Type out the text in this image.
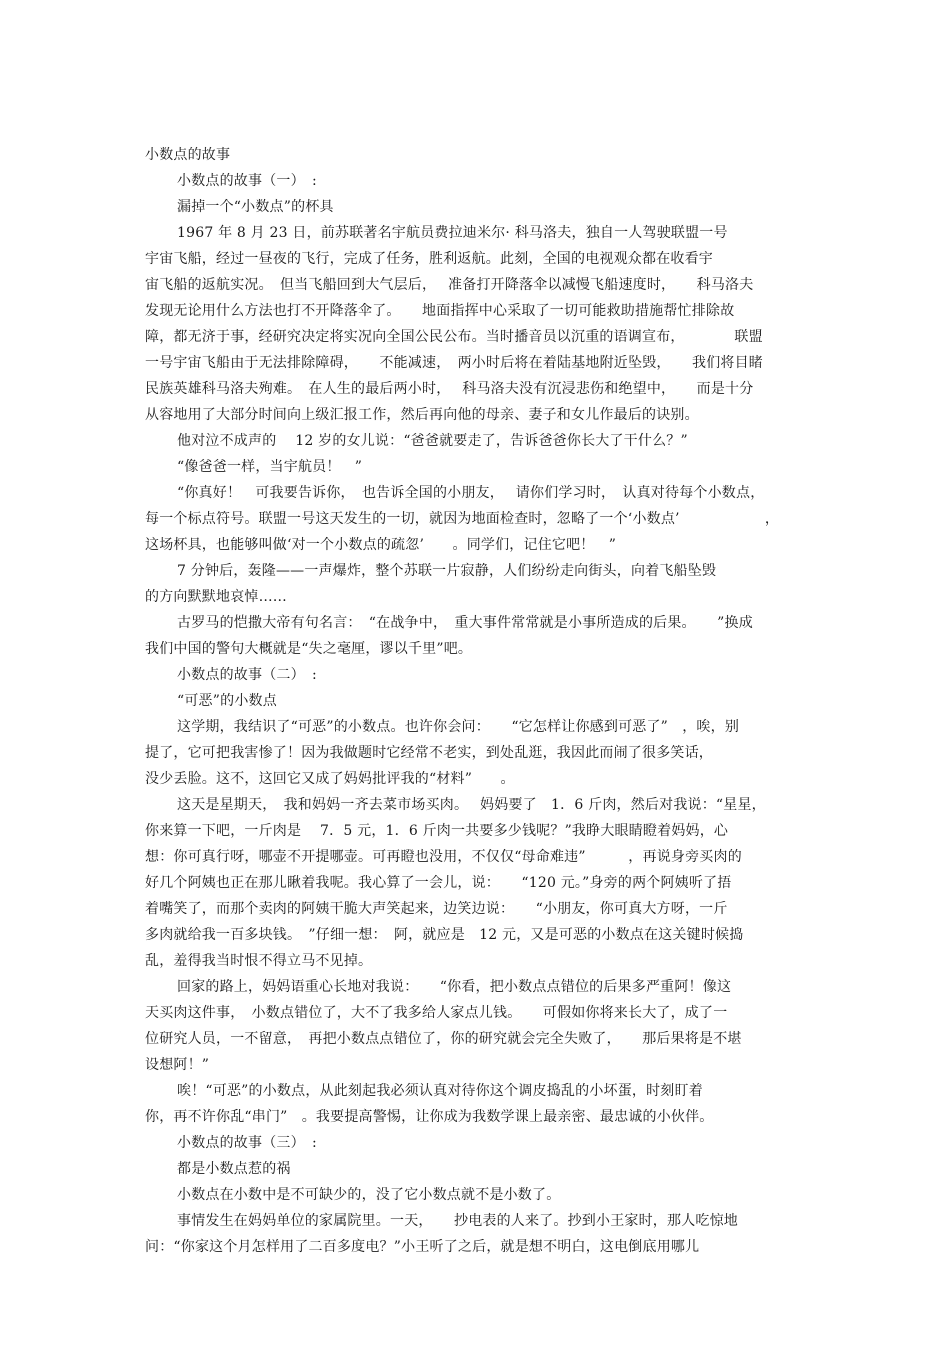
小数点的故事
小数点的故事（一）　:
漏掉一个“小数点”的杯具
1967 年 8 月 23 日，前苏联著名宇航员费拉迪米尔· 科马洛夫，独自一人驾驶联盟一号
宇宙飞船，经过一昼夜的飞行，完成了任务，胜利返航。此刻，全国的电视观众都在收看宇
宙飞船的返航实况。　但当飞船回到大气层后，　 准备打开降落伞以减慢飞船速度时，　　科马洛夫
发现无论用什么方法也打不开降落伞了。　　地面指挥中心采取了一切可能救助措施帮忙排除故
障，都无济于事，经研究决定将实况向全国公民公布。当时播音员以沉重的语调宣布，　　　　联盟
一号宇宙飞船由于无法排除障碍，　　不能减速，　两小时后将在着陆基地附近坠毁，　　我们将目睹
民族英雄科马洛夫殉难。　在人生的最后两小时，　 科马洛夫没有沉浸悲伤和绝望中，　　而是十分
从容地用了大部分时间向上级汇报工作，然后再向他的母亲、妻子和女儿作最后的诀别。
他对泣不成声的　 12 岁的女儿说：“爸爸就要走了，告诉爸爸你长大了干什么？”
“像爸爸一样，当宇航员！　”
“你真好！　可我要告诉你，　也告诉全国的小朋友，　 请你们学习时，　认真对待每个小数点，
每一个标点符号。联盟一号这天发生的一切，就因为地面检查时，忽略了一个‘小数点’　　　　　　，
这场杯具，也能够叫做‘对一个小数点的疏忽’　　。同学们，记住它吧！　”
7 分钟后，轰隆——一声爆炸，整个苏联一片寂静，人们纷纷走向街头，向着飞船坠毁
的方向默默地哀悼……
古罗马的恺撒大帝有句名言：　“在战争中，　重大事件常常就是小事所造成的后果。　　”换成
我们中国的警句大概就是“失之毫厘，谬以千里”吧。
小数点的故事（二）　:
“可恶”的小数点
这学期，我结识了“可恶”的小数点。也许你会问：　　“它怎样让你感到可恶了”　，唉，别
提了，它可把我害惨了！因为我做题时它经常不老实，到处乱逛，我因此而闹了很多笑话，
没少丢脸。这不，这回它又成了妈妈批评我的“材料”　　。
这天是星期天，　我和妈妈一齐去菜市场买肉。　 妈妈要了　1．6 斤肉，然后对我说：“星星，
你来算一下吧，一斤肉是　 7．5 元，1．6 斤肉一共要多少钱呢？”我睁大眼睛瞪着妈妈，心
想：你可真行呀，哪壶不开提哪壶。可再瞪也没用，不仅仅“母命难违”　　　，再说身旁买肉的
好几个阿姨也正在那儿瞅着我呢。我心算了一会儿，说：　　“120 元。”身旁的两个阿姨听了捂
着嘴笑了，而那个卖肉的阿姨干脆大声笑起来，边笑边说：　　“小朋友，你可真大方呀，一斤
多肉就给我一百多块钱。　”仔细一想：　阿，就应是　12 元，又是可恶的小数点在这关键时候捣
乱，羞得我当时恨不得立马不见掉。
回家的路上，妈妈语重心长地对我说：　　“你看，把小数点点错位的后果多严重阿！像这
天买肉这件事，　小数点错位了，大不了我多给人家点儿钱。　　可假如你将来长大了，成了一
位研究人员，一不留意，　再把小数点点错位了，你的研究就会完全失败了，　　那后果将是不堪
设想阿！”
唉！“可恶”的小数点，从此刻起我必须认真对待你这个调皮捣乱的小坏蛋，时刻盯着
你，再不许你乱“串门”　。我要提高警惕，让你成为我数学课上最亲密、最忠诚的小伙伴。
小数点的故事（三）　:
都是小数点惹的祸
小数点在小数中是不可缺少的，没了它小数点就不是小数了。
事情发生在妈妈单位的家属院里。一天，　　抄电表的人来了。抄到小王家时，那人吃惊地
问：“你家这个月怎样用了二百多度电？”小王听了之后，就是想不明白，这电倒底用哪儿
